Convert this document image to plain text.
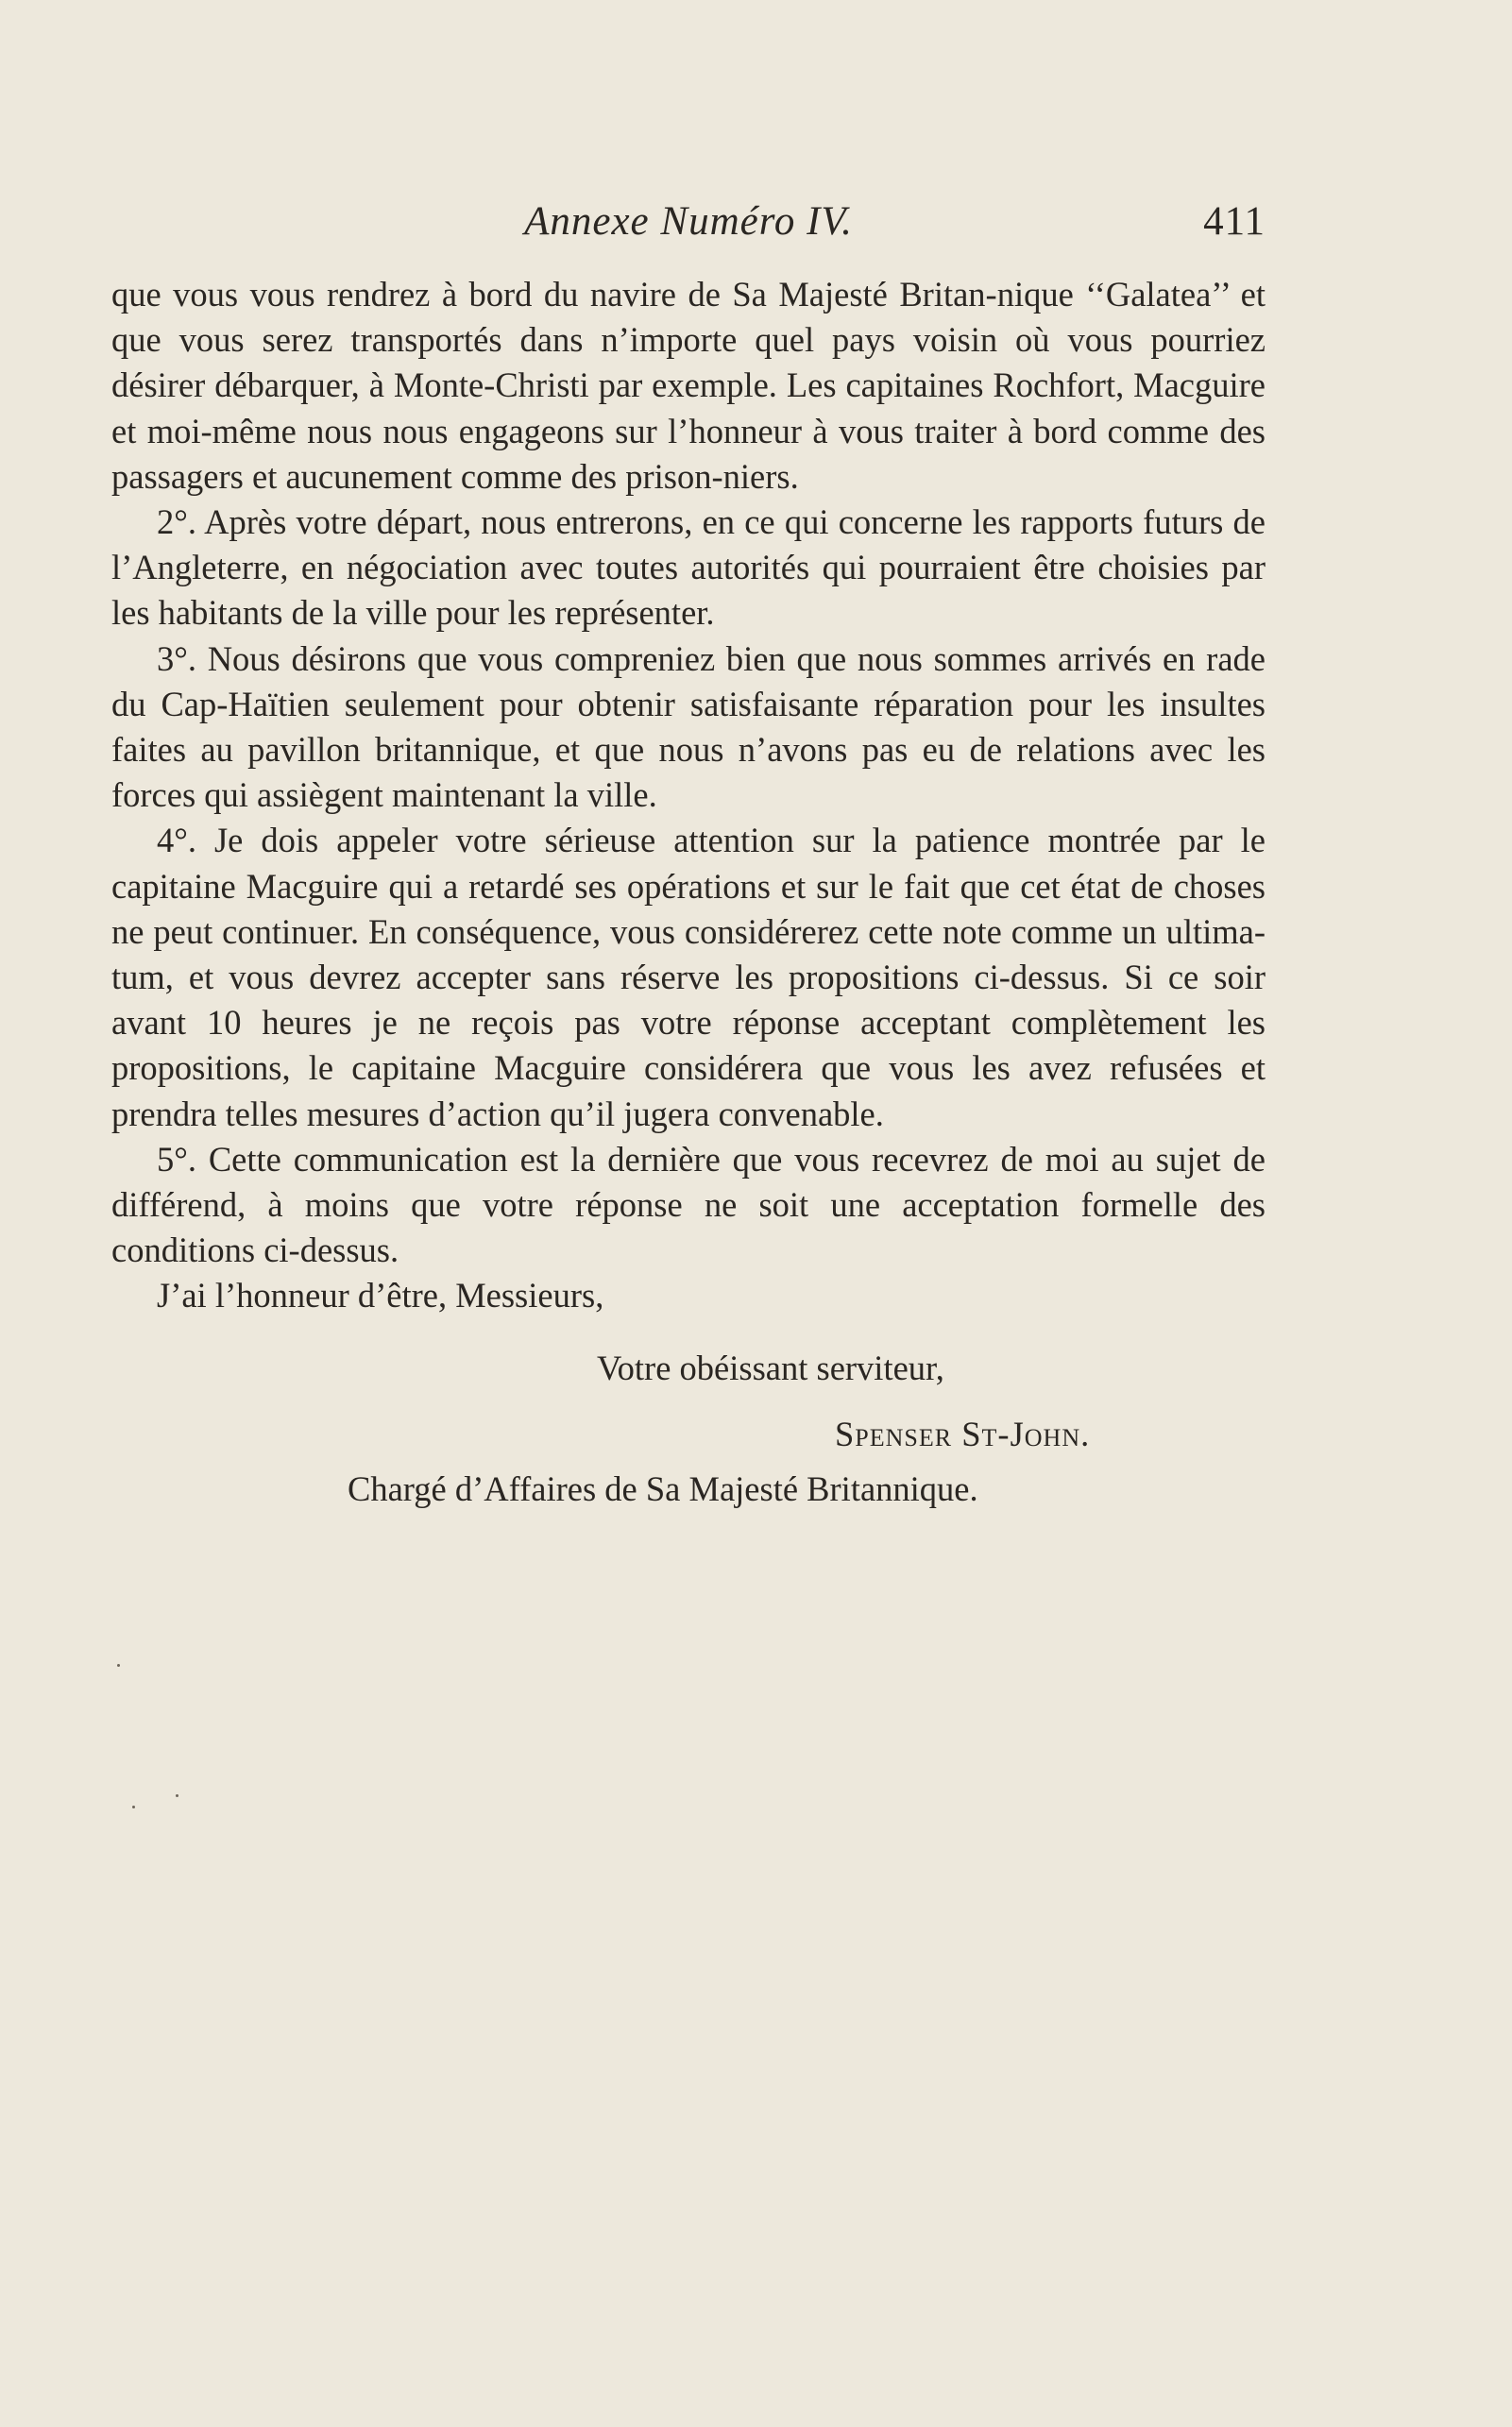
Annexe Numéro IV.	411

que vous vous rendrez à bord du navire de Sa Majesté Britan-nique ‘‘Galatea’’ et que vous serez transportés dans n’importe quel pays voisin où vous pourriez désirer débarquer, à Monte-Christi par exemple. Les capitaines Rochfort, Macguire et moi-même nous nous engageons sur l’honneur à vous traiter à bord comme des passagers et aucunement comme des prison-niers.

2°. Après votre départ, nous entrerons, en ce qui concerne les rapports futurs de l’Angleterre, en négociation avec toutes autorités qui pourraient être choisies par les habitants de la ville pour les représenter.

3°. Nous désirons que vous compreniez bien que nous sommes arrivés en rade du Cap-Haïtien seulement pour obtenir satisfaisante réparation pour les insultes faites au pavillon britannique, et que nous n’avons pas eu de relations avec les forces qui assiègent maintenant la ville.

4°. Je dois appeler votre sérieuse attention sur la patience montrée par le capitaine Macguire qui a retardé ses opérations et sur le fait que cet état de choses ne peut continuer. En conséquence, vous considérerez cette note comme un ultima-tum, et vous devrez accepter sans réserve les propositions ci-dessus. Si ce soir avant 10 heures je ne reçois pas votre réponse acceptant complètement les propositions, le capitaine Macguire considérera que vous les avez refusées et prendra telles mesures d’action qu’il jugera convenable.

5°. Cette communication est la dernière que vous recevrez de moi au sujet de différend, à moins que votre réponse ne soit une acceptation formelle des conditions ci-dessus.

J’ai l’honneur d’être, Messieurs,
Votre obéissant serviteur,
Spenser St-John.
Chargé d’Affaires de Sa Majesté Britannique.
